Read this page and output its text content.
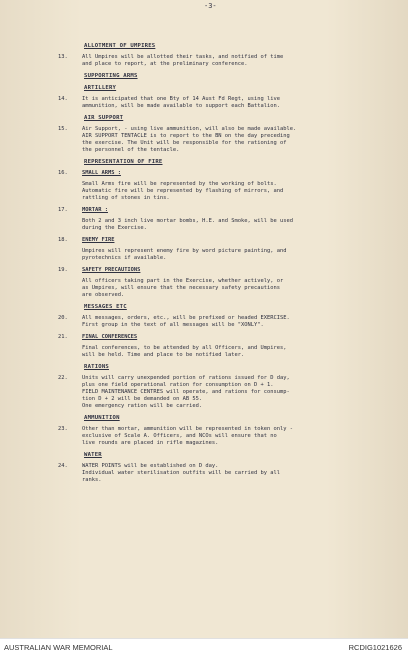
-3-
ALLOTMENT OF UMPIRES
13.	All Umpires will be allotted their tasks, and notified of time
and place to report, at the preliminary conference.
SUPPORTING ARMS
ARTILLERY
14.	It is anticipated that one Bty of 14 Aust Fd Regt, using live
ammunition, will be made available to support each Battalion.
AIR SUPPORT
15.	Air Support, - using live ammunition, will also be made available.
AIR SUPPORT TENTACLE is to report to the BN on the day preceding
the exercise. The Unit will be responsible for the rationing of
the personnel of the tentacle.
REPRESENTATION OF FIRE
16.	SMALL ARMS :
Small Arms fire will be represented by the working of bolts.
Automatic fire will be represented by flashing of mirrors, and
rattling of stones in tins.
17.	MORTAR :
Both 2 and 3 inch live mortar bombs, H.E. and Smoke, will be used
during the Exercise.
18.	ENEMY FIRE
Umpires will represent enemy fire by word picture painting, and
pyrotechnics if available.
19.	SAFETY PRECAUTIONS
All officers taking part in the Exercise, whether actively, or
as Umpires, will ensure that the necessary safety precautions
are observed.
MESSAGES ETC
20.	All messages, orders, etc., will be prefixed or headed EXERCISE.
First group in the text of all messages will be "XONLY".
21.	FINAL CONFERENCES
Final conferences, to be attended by all Officers, and Umpires,
will be held. Time and place to be notified later.
RATIONS
22.	Units will carry unexpended portion of rations issued for D day,
plus one field operational ration for consumption on D + 1.
FIELD MAINTENANCE CENTRES will operate, and rations for consump-
tion D + 2 will be demanded on AB 55.
One emergency ration will be carried.
AMMUNITION
23.	Other than mortar, ammunition will be represented in token only -
exclusive of Scale A. Officers, and NCOs will ensure that no
live rounds are placed in rifle magazines.
WATER
24.	WATER POINTS will be established on D day.
Individual water sterilisation outfits will be carried by all
ranks.
AUSTRALIAN WAR MEMORIAL	RCDIG1021626
